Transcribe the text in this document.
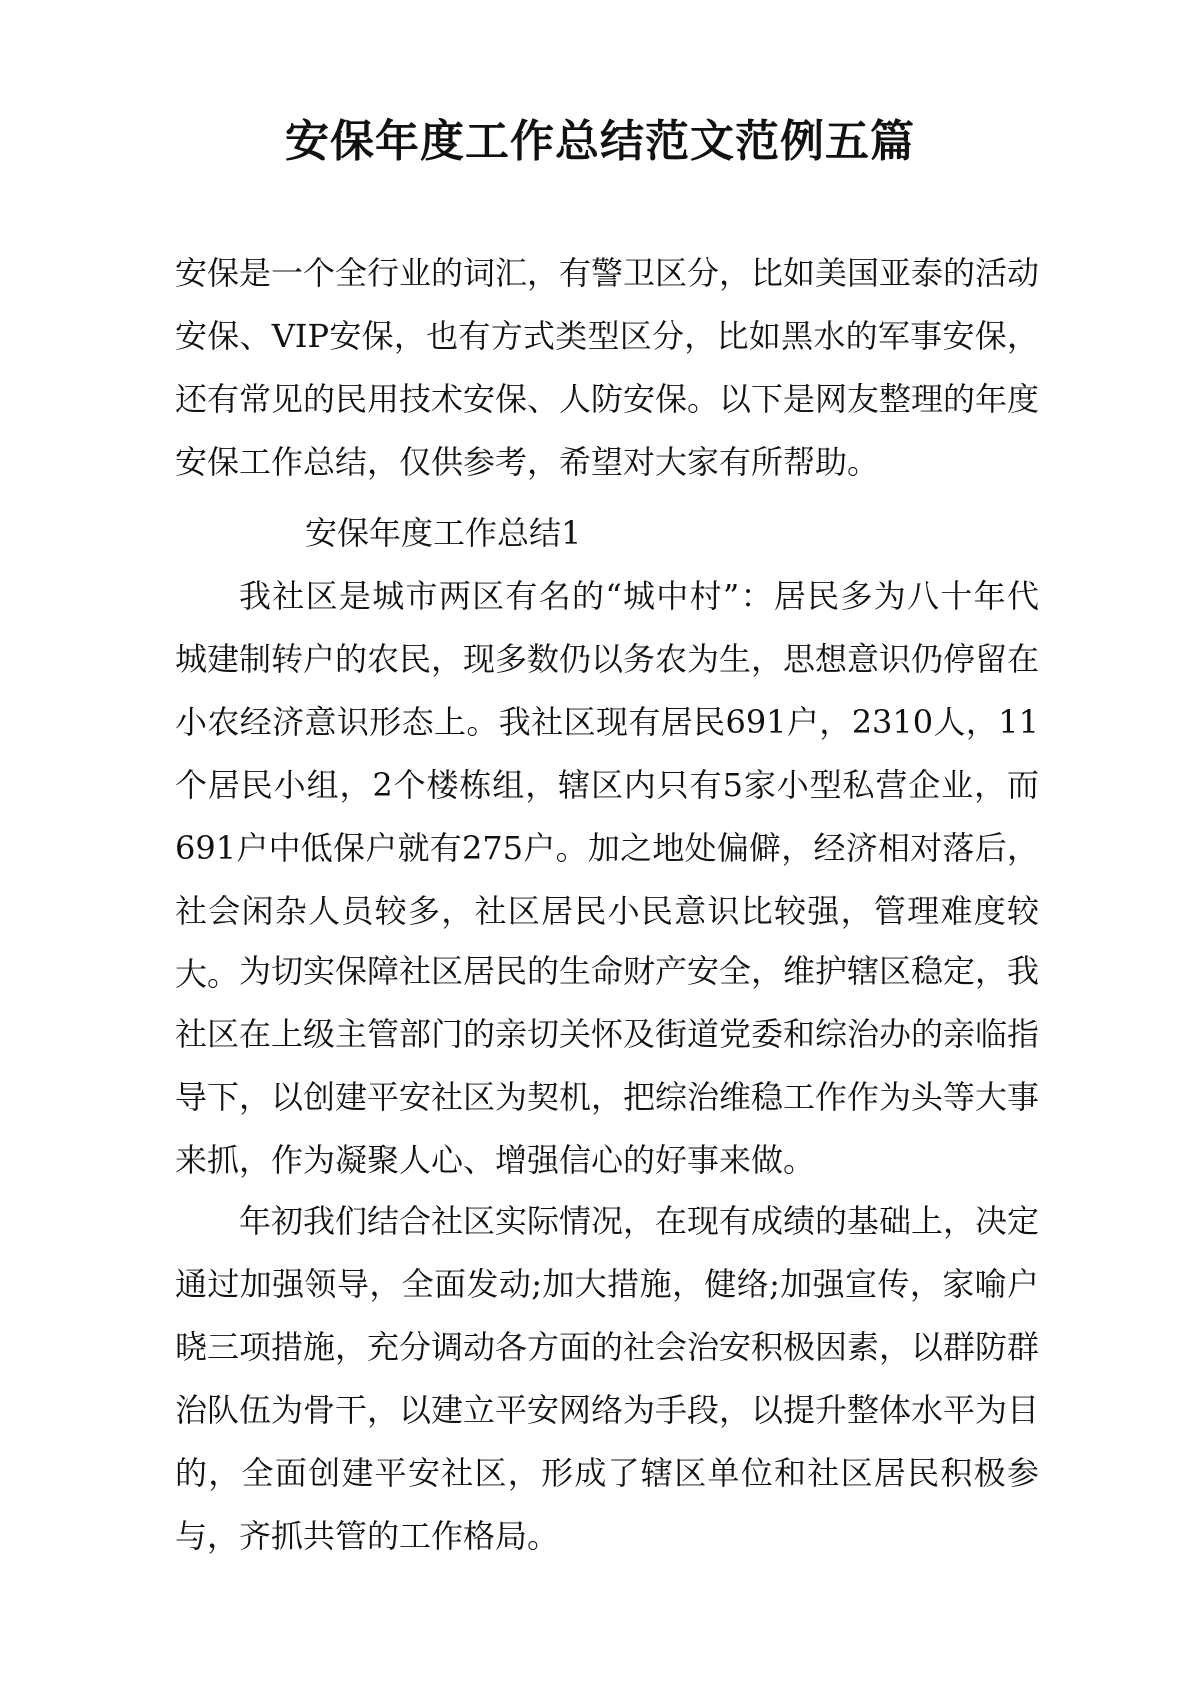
安保年度工作总结范文范例五篇

安保是一个全行业的词汇，有警卫区分，比如美国亚泰的活动安保、VIP安保，也有方式类型区分，比如黑水的军事安保，还有常见的民用技术安保、人防安保。以下是网友整理的年度安保工作总结，仅供参考，希望对大家有所帮助。

安保年度工作总结1

我社区是城市两区有名的“城中村”：居民多为八十年代城建制转户的农民，现多数仍以务农为生，思想意识仍停留在小农经济意识形态上。我社区现有居民691户，2310人，11个居民小组，2个楼栋组，辖区内只有5家小型私营企业，而691户中低保户就有275户。加之地处偏僻，经济相对落后，社会闲杂人员较多，社区居民小民意识比较强，管理难度较大。 为切实保障社区居民的生命财产安全，维护辖区稳定，我社区在上级主管部门的亲切关怀及街道党委和综治办的亲临指导下，以创建平安社区为契机，把综治维稳工作作为头等大事来抓，作为凝聚人心、增强信心的好事来做。

年初我们结合社区实际情况，在现有成绩的基础上，决定通过加强领导，全面发动;加大措施，健络;加强宣传，家喻户晓三项措施，充分调动各方面的社会治安积极因素，以群防群治队伍为骨干，以建立平安网络为手段，以提升整体水平为目的，全面创建平安社区，形成了辖区单位和社区居民积极参与，齐抓共管的工作格局。
